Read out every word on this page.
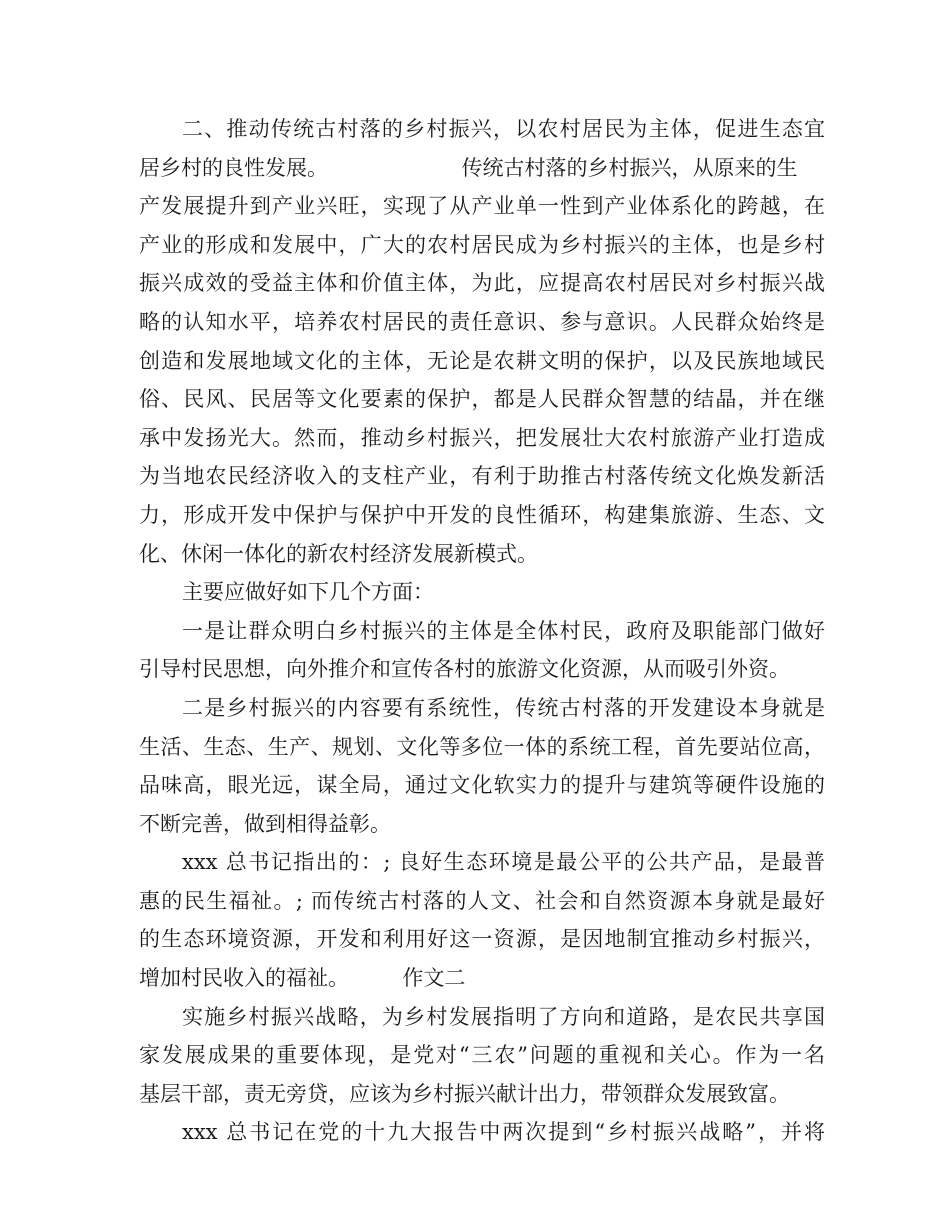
二、推动传统古村落的乡村振兴，以农村居民为主体，促进生态宜
居乡村的良性发展。                    传统古村落的乡村振兴，从原来的生
产发展提升到产业兴旺，实现了从产业单一性到产业体系化的跨越，在
产业的形成和发展中，广大的农村居民成为乡村振兴的主体，也是乡村
振兴成效的受益主体和价值主体，为此，应提高农村居民对乡村振兴战
略的认知水平，培养农村居民的责任意识、参与意识。人民群众始终是
创造和发展地域文化的主体，无论是农耕文明的保护，以及民族地域民
俗、民风、民居等文化要素的保护，都是人民群众智慧的结晶，并在继
承中发扬光大。然而，推动乡村振兴，把发展壮大农村旅游产业打造成
为当地农民经济收入的支柱产业，有利于助推古村落传统文化焕发新活
力，形成开发中保护与保护中开发的良性循环，构建集旅游、生态、文
化、休闲一体化的新农村经济发展新模式。
主要应做好如下几个方面：
一是让群众明白乡村振兴的主体是全体村民，政府及职能部门做好
引导村民思想，向外推介和宣传各村的旅游文化资源，从而吸引外资。
二是乡村振兴的内容要有系统性，传统古村落的开发建设本身就是
生活、生态、生产、规划、文化等多位一体的系统工程，首先要站位高，
品味高，眼光远，谋全局，通过文化软实力的提升与建筑等硬件设施的
不断完善，做到相得益彰。
xxx 总书记指出的：; 良好生态环境是最公平的公共产品，是最普
惠的民生福祉。; 而传统古村落的人文、社会和自然资源本身就是最好
的生态环境资源，开发和利用好这一资源，是因地制宜推动乡村振兴，
增加村民收入的福祉。        作文二
实施乡村振兴战略，为乡村发展指明了方向和道路，是农民共享国
家发展成果的重要体现，是党对“三农”问题的重视和关心。作为一名
基层干部，责无旁贷，应该为乡村振兴献计出力，带领群众发展致富。
xxx 总书记在党的十九大报告中两次提到“乡村振兴战略”，并将
